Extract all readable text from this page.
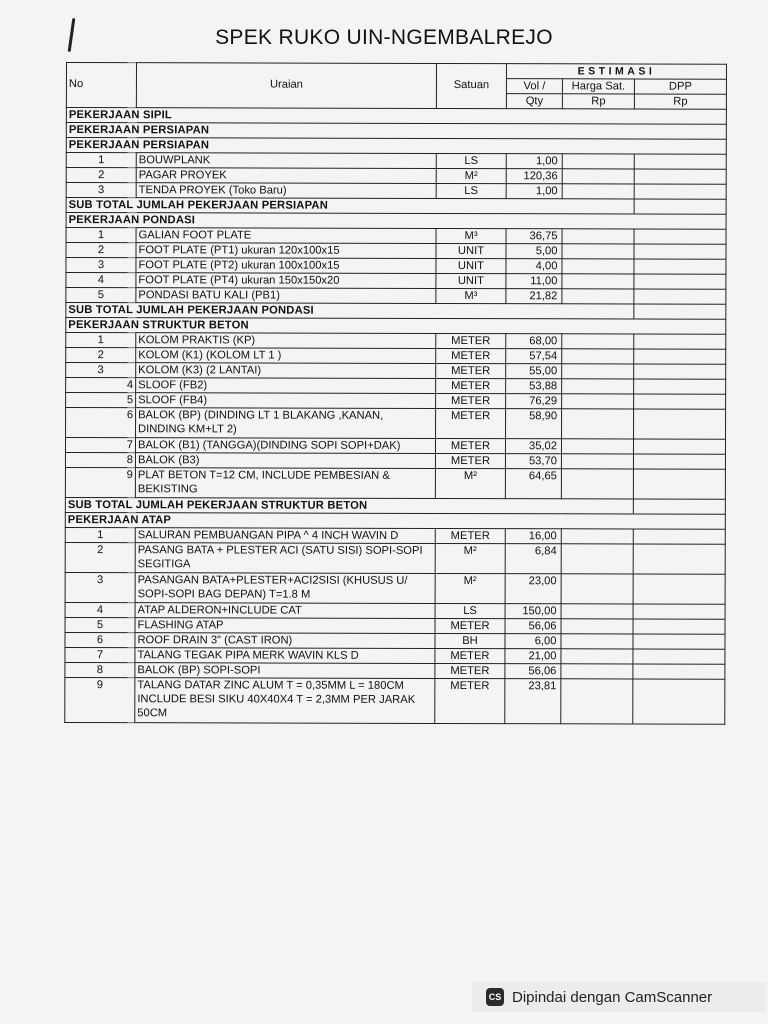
SPEK RUKO UIN-NGEMBALREJO
No	Uraian	Satuan	ESTIMASI		
			Vol /	Harga Sat.	DPP
			Qty	Rp	Rp
PEKERJAAN SIPIL					
PEKERJAAN PERSIAPAN					
PEKERJAAN PERSIAPAN					
1	BOUWPLANK	LS	1,00		
2	PAGAR PROYEK	M²	120,36		
3	TENDA PROYEK (Toko Baru)	LS	1,00		
SUB TOTAL JUMLAH PEKERJAAN PERSIAPAN					
PEKERJAAN PONDASI					
1	GALIAN FOOT PLATE	M³	36,75		
2	FOOT PLATE (PT1) ukuran 120x100x15	UNIT	5,00		
3	FOOT PLATE (PT2) ukuran 100x100x15	UNIT	4,00		
4	FOOT PLATE (PT4) ukuran 150x150x20	UNIT	11,00		
5	PONDASI BATU KALI (PB1)	M³	21,82		
SUB TOTAL JUMLAH PEKERJAAN PONDASI					
PEKERJAAN STRUKTUR BETON					
1	KOLOM PRAKTIS (KP)	METER	68,00		
2	KOLOM (K1) (KOLOM LT 1 )	METER	57,54		
3	KOLOM (K3) (2 LANTAI)	METER	55,00		
4	SLOOF (FB2)	METER	53,88		
5	SLOOF (FB4)	METER	76,29		
6	BALOK (BP) (DINDING LT 1 BLAKANG ,KANAN, DINDING KM+LT 2)	METER	58,90		
7	BALOK (B1) (TANGGA)(DINDING SOPI SOPI+DAK)	METER	35,02		
8	BALOK (B3)	METER	53,70		
9	PLAT BETON T=12 CM, INCLUDE PEMBESIAN & BEKISTING	M²	64,65		
SUB TOTAL JUMLAH PEKERJAAN STRUKTUR BETON					
PEKERJAAN ATAP					
1	SALURAN PEMBUANGAN PIPA ^ 4 INCH WAVIN D	METER	16,00		
2	PASANG BATA + PLESTER ACI (SATU SISI) SOPI-SOPI SEGITIGA	M²	6,84		
3	PASANGAN BATA+PLESTER+ACI2SISI (KHUSUS U/ SOPI-SOPI BAG DEPAN) T=1.8 M	M²	23,00		
4	ATAP ALDERON+INCLUDE CAT	LS	150,00		
5	FLASHING ATAP	METER	56,06		
6	ROOF DRAIN 3" (CAST IRON)	BH	6,00		
7	TALANG TEGAK PIPA MERK WAVIN KLS D	METER	21,00		
8	BALOK (BP) SOPI-SOPI	METER	56,06		
9	TALANG DATAR ZINC ALUM T = 0,35MM L = 180CM INCLUDE BESI SIKU 40X40X4 T = 2,3MM PER JARAK 50CM	METER	23,81		
CS Dipindai dengan CamScanner
